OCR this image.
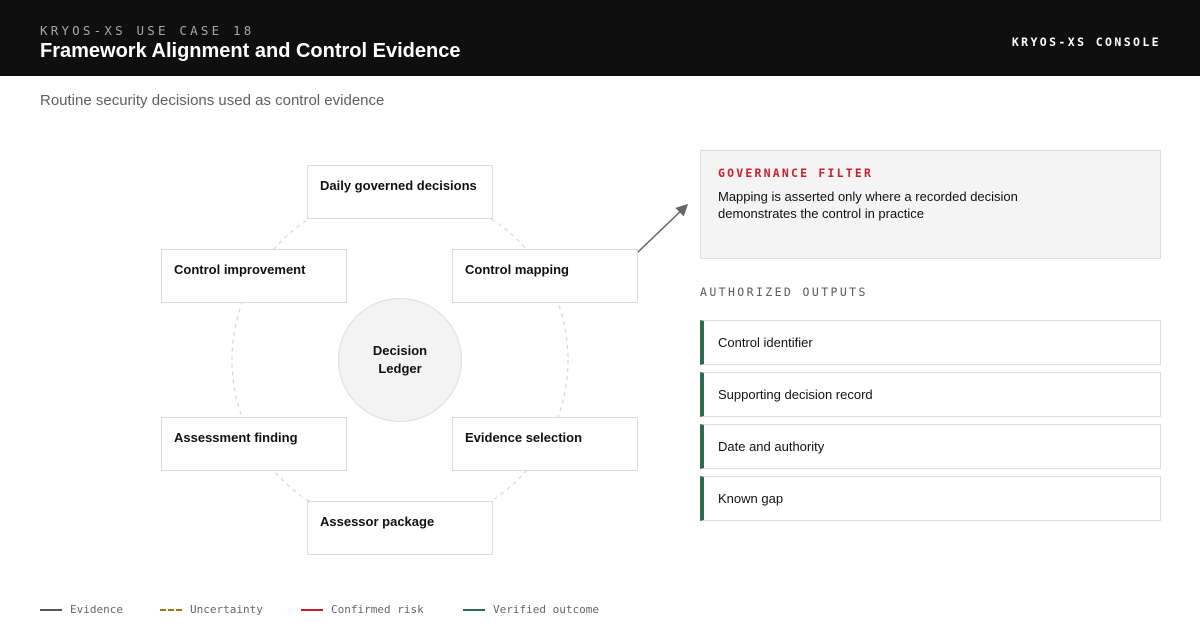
KRYOS-XS USE CASE 18
Framework Alignment and Control Evidence	KRYOS-XS CONSOLE
Routine security decisions used as control evidence
Daily governed decisions
Control mapping
Evidence selection
Assessor package
Assessment finding
Control improvement
Decision Ledger
GOVERNANCE FILTER
Mapping is asserted only where a recorded decision demonstrates the control in practice
AUTHORIZED OUTPUTS
Control identifier
Supporting decision record
Date and authority
Known gap
Evidence	Uncertainty	Confirmed risk	Verified outcome
